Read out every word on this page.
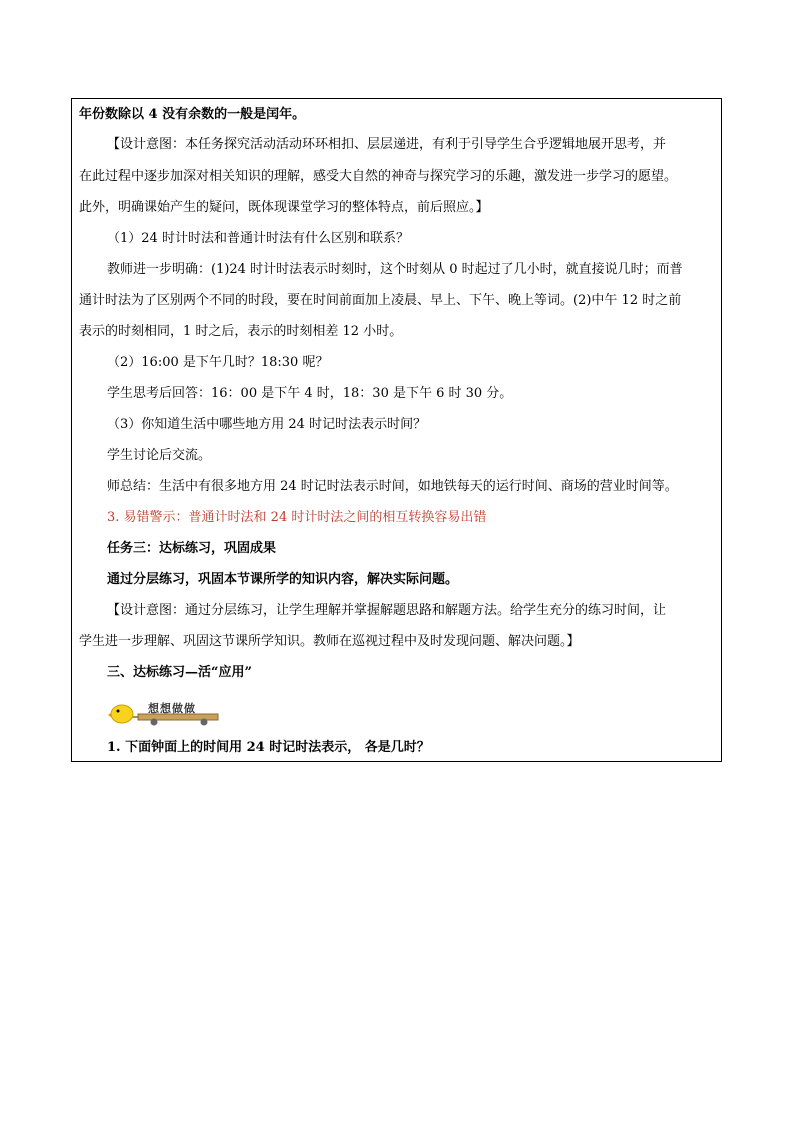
年份数除以 4 没有余数的一般是闰年。
【设计意图：本任务探究活动活动环环相扣、层层递进，有利于引导学生合乎逻辑地展开思考，并
在此过程中逐步加深对相关知识的理解，感受大自然的神奇与探究学习的乐趣，激发进一步学习的愿望。
此外，明确课始产生的疑问，既体现课堂学习的整体特点，前后照应。】
（1）24 时计时法和普通计时法有什么区别和联系？
教师进一步明确：(1)24 时计时法表示时刻时，这个时刻从 0 时起过了几小时，就直接说几时；而普
通计时法为了区别两个不同的时段，要在时间前面加上凌晨、早上、下午、晚上等词。(2)中午 12 时之前
表示的时刻相同，1 时之后，表示的时刻相差 12 小时。
（2）16:00 是下午几时？18:30 呢？
学生思考后回答：16：00 是下午 4 时，18：30 是下午 6 时 30 分。
（3）你知道生活中哪些地方用 24 时记时法表示时间？
学生讨论后交流。
师总结：生活中有很多地方用 24 时记时法表示时间，如地铁每天的运行时间、商场的营业时间等。
3. 易错警示：普通计时法和 24 时计时法之间的相互转换容易出错
任务三：达标练习，巩固成果
通过分层练习，巩固本节课所学的知识内容，解决实际问题。
【设计意图：通过分层练习，让学生理解并掌握解题思路和解题方法。给学生充分的练习时间，让
学生进一步理解、巩固这节课所学知识。教师在巡视过程中及时发现问题、解决问题。】
三、达标练习—活“应用”
想想做做
1. 下面钟面上的时间用 24 时记时法表示， 各是几时？
